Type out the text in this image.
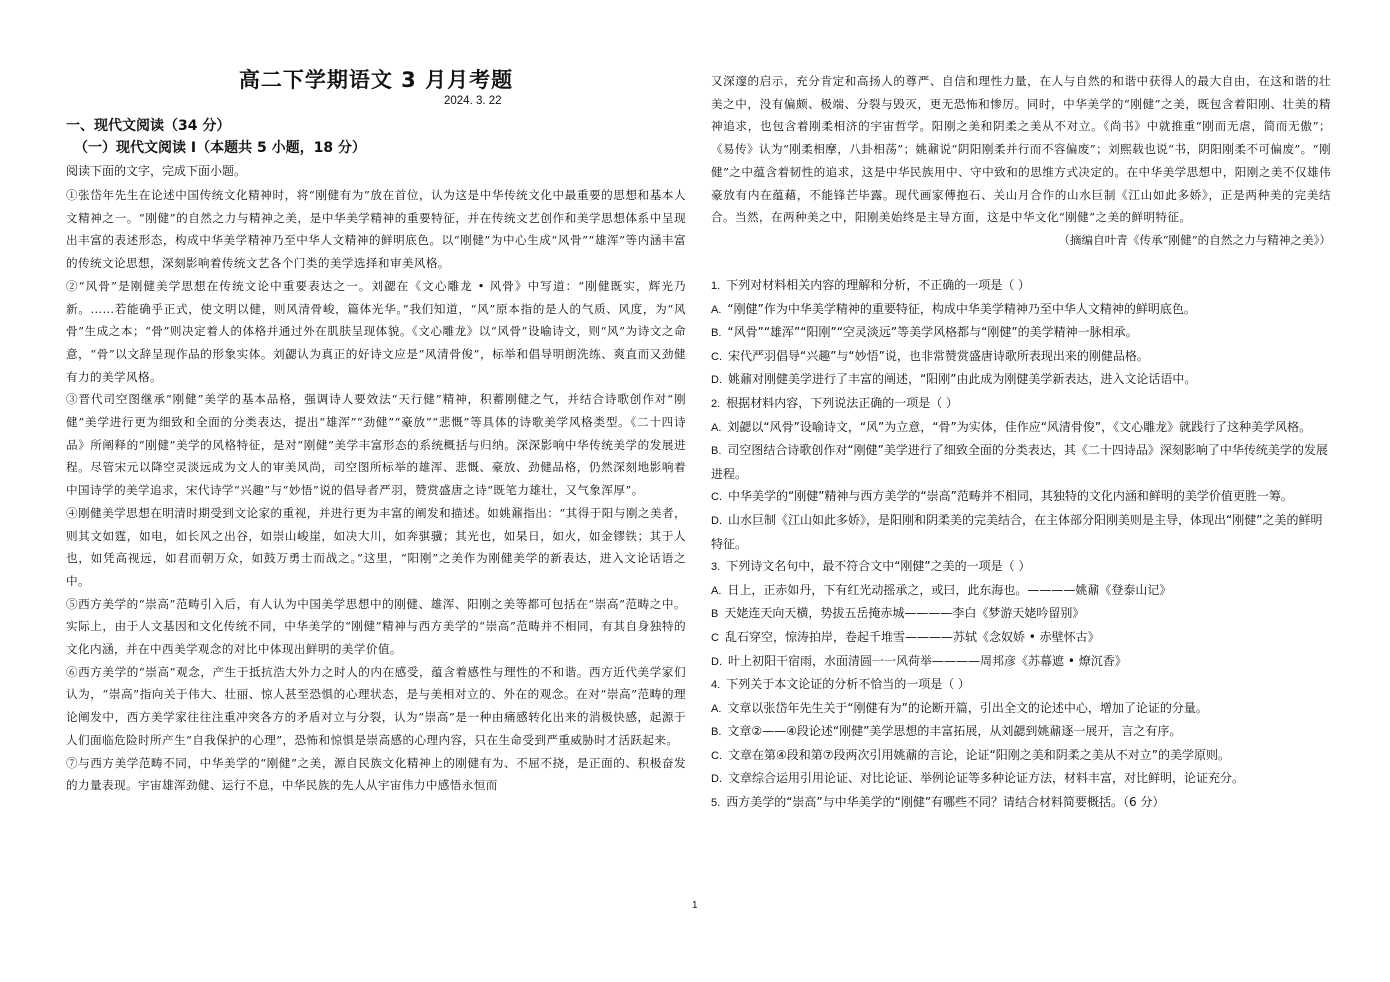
高二下学期语文 3 月月考题
2024. 3. 22
一、现代文阅读（34 分）
（一）现代文阅读 I（本题共 5 小题，18 分）
阅读下面的文字，完成下面小题。

①张岱年先生在论述中国传统文化精神时，将“刚健有为”放在首位，认为这是中华传统文化中最重要的思想和基本人文精神之一。“刚健”的自然之力与精神之美，是中华美学精神的重要特征，并在传统文艺创作和美学思想体系中呈现出丰富的表述形态，构成中华美学精神乃至中华人文精神的鲜明底色。以“刚健”为中心生成“风骨”“雄浑”等内涵丰富的传统文论思想，深刻影响着传统文艺各个门类的美学选择和审美风格。

②“风骨”是刚健美学思想在传统文论中重要表达之一。刘勰在《文心雕龙 • 风骨》中写道：“刚健既实，辉光乃新。……若能确乎正式，使文明以健，则风清骨峻，篇体光华。”我们知道，“风”原本指的是人的气质、风度，为“风骨”生成之本；“骨”则决定着人的体格并通过外在肌肤呈现体貌。《文心雕龙》以“风骨”设喻诗文，则“风”为诗文之命意，“骨”以文辞呈现作品的形象实体。刘勰认为真正的好诗文应是“风清骨俊”，标举和倡导明朗洗练、爽直而又劲健有力的美学风格。

③晋代司空图继承“刚健”美学的基本品格，强调诗人要效法“天行健”精神，积蓄刚健之气，并结合诗歌创作对“刚健”美学进行更为细致和全面的分类表达，提出“雄浑”“劲健”“豪放”“悲慨”等具体的诗歌美学风格类型。《二十四诗品》所阐释的“刚健”美学的风格特征，是对“刚健”美学丰富形态的系统概括与归纳。深深影响中华传统美学的发展进程。尽管宋元以降空灵淡远成为文人的审美风尚，司空图所标举的雄浑、悲慨、豪放、劲健品格，仍然深刻地影响着中国诗学的美学追求，宋代诗学“兴趣”与“妙悟”说的倡导者严羽，赞赏盛唐之诗“既笔力雄壮，又气象浑厚”。

④刚健美学思想在明清时期受到文论家的重视，并进行更为丰富的阐发和描述。如姚鼐指出：“其得于阳与刚之美者，则其文如霆，如电，如长风之出谷，如崇山峻崖，如决大川，如奔骐骥；其光也，如杲日，如火，如金镠铁；其于人也，如凭高视远，如君而朝万众，如鼓万勇士而战之。”这里，“阳刚”之美作为刚健美学的新表达，进入文论话语之中。

⑤西方美学的“崇高”范畴引入后，有人认为中国美学思想中的刚健、雄浑、阳刚之美等都可包括在“崇高”范畴之中。实际上，由于人文基因和文化传统不同，中华美学的“刚健”精神与西方美学的“崇高”范畴并不相同，有其自身独特的文化内涵，并在中西美学观念的对比中体现出鲜明的美学价值。

⑥西方美学的“崇高”观念，产生于抵抗浩大外力之时人的内在感受，蕴含着感性与理性的不和谐。西方近代美学家们认为，“崇高”指向关于伟大、壮丽、惊人甚至恐惧的心理状态，是与美相对立的、外在的观念。在对“崇高”范畴的理论阐发中，西方美学家往往注重冲突各方的矛盾对立与分裂，认为“崇高”是一种由痛感转化出来的消极快感，起源于人们面临危险时所产生“自我保护的心理”，恐怖和惊惧是崇高感的心理内容，只在生命受到严重威胁时才活跃起来。

⑦与西方美学范畴不同，中华美学的“刚健”之美，源自民族文化精神上的刚健有为、不屈不挠，是正面的、积极奋发的力量表现。宇宙雄浑劲健、运行不息，中华民族的先人从宇宙伟力中感悟永恒而

又深邃的启示，充分肯定和高扬人的尊严、自信和理性力量，在人与自然的和谐中获得人的最大自由，在这和谐的壮美之中，没有偏颇、极端、分裂与毁灭，更无恐怖和惨厉。同时，中华美学的“刚健”之美，既包含着阳刚、壮美的精神追求，也包含着刚柔相济的宇宙哲学。阳刚之美和阴柔之美从不对立。《尚书》中就推重“刚而无虐，简而无傲”；《易传》认为“刚柔相摩，八卦相荡”；姚鼐说“阴阳刚柔并行而不容偏废”；刘熙载也说“书，阴阳刚柔不可偏废”。“刚健”之中蕴含着韧性的追求，这是中华民族用中、守中致和的思维方式决定的。在中华美学思想中，阳刚之美不仅雄伟豪放有内在蕴藉，不能锋芒毕露。现代画家傅抱石、关山月合作的山水巨制《江山如此多娇》，正是两种美的完美结合。当然，在两种美之中，阳刚美始终是主导方面，这是中华文化“刚健”之美的鲜明特征。

（摘编自叶青《传承“刚健”的自然之力与精神之美》）

1. 下列对材料相关内容的理解和分析，不正确的一项是（ ）

A. “刚健”作为中华美学精神的重要特征，构成中华美学精神乃至中华人文精神的鲜明底色。

B. “风骨”“雄浑”“阳刚”“空灵淡远”等美学风格都与“刚健”的美学精神一脉相承。

C. 宋代严羽倡导“兴趣”与“妙悟”说，也非常赞赏盛唐诗歌所表现出来的刚健品格。

D. 姚鼐对刚健美学进行了丰富的阐述，“阳刚”由此成为刚健美学新表达，进入文论话语中。

2. 根据材料内容，下列说法正确的一项是（ ）

A. 刘勰以“风骨”设喻诗文，“风”为立意，“骨”为实体，佳作应“风清骨俊”，《文心雕龙》就践行了这种美学风格。

B. 司空图结合诗歌创作对“刚健”美学进行了细致全面的分类表达，其《二十四诗品》深刻影响了中华传统美学的发展进程。

C. 中华美学的“刚健”精神与西方美学的“崇高”范畴并不相同，其独特的文化内涵和鲜明的美学价值更胜一筹。

D. 山水巨制《江山如此多娇》，是阳刚和阴柔美的完美结合，在主体部分阳刚美则是主导，体现出“刚健”之美的鲜明特征。

3. 下列诗文名句中，最不符合文中“刚健”之美的一项是（ ）

A. 日上，正赤如丹，下有红光动摇承之，或曰，此东海也。————姚鼐《登泰山记》

B 天姥连天向天横，势拔五岳掩赤城————李白《梦游天姥吟留别》

C 乱石穿空，惊涛拍岸，卷起千堆雪————苏轼《念奴娇 • 赤壁怀古》

D. 叶上初阳干宿雨，水面清圆一一风荷举————周邦彦《苏幕遮 • 燎沉香》

4. 下列关于本文论证的分析不恰当的一项是（ ）

A. 文章以张岱年先生关于“刚健有为”的论断开篇，引出全文的论述中心，增加了论证的分量。

B. 文章②——④段论述“刚健”美学思想的丰富拓展，从刘勰到姚鼐逐一展开，言之有序。

C. 文章在第④段和第⑦段两次引用姚鼐的言论，论证“阳刚之美和阴柔之美从不对立”的美学原则。

D. 文章综合运用引用论证、对比论证、举例论证等多种论证方法，材料丰富，对比鲜明，论证充分。

5. 西方美学的“崇高”与中华美学的“刚健”有哪些不同？请结合材料简要概括。（6 分）

1
